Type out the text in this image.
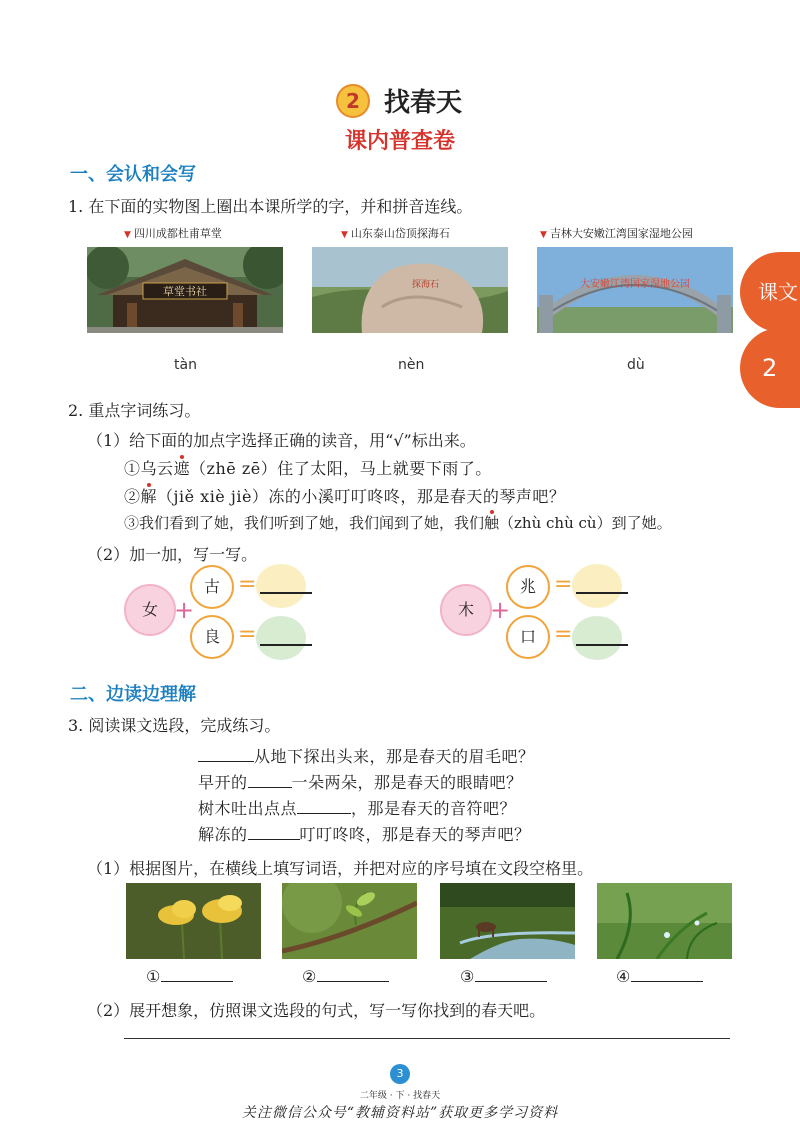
2 找春天
课内普查卷
课文
2
一、会认和会写
1. 在下面的实物图上圈出本课所学的字，并和拼音连线。
▼ 四川成都杜甫草堂	▼ 山东泰山岱顶探海石	▼ 吉林大安嫩江湾国家湿地公园
草堂书社	探海石	大安嫩江湾国家湿地公园
tàn	nèn	dù
2. 重点字词练习。
（1）给下面的加点字选择正确的读音，用“√”标出来。
①乌云遮（zhē zē）住了太阳，马上就要下雨了。
②解（jiě xiè jiè）冻的小溪叮叮咚咚，那是春天的琴声吧？
③我们看到了她，我们听到了她，我们闻到了她，我们触（zhù chù cù）到了她。
（2）加一加，写一写。
女 +
古
良
=
=
木 +
兆
口
=
=
二、边读边理解
3. 阅读课文选段，完成练习。
从地下探出头来，那是春天的眉毛吧？
早开的	一朵两朵，那是春天的眼睛吧？
树木吐出点点	，那是春天的音符吧？
解冻的	叮叮咚咚，那是春天的琴声吧？
（1）根据图片，在横线上填写词语，并把对应的序号填在文段空格里。
①	②	③	④
（2）展开想象，仿照课文选段的句式，写一写你找到的春天吧。
3
二年级 · 下 · 找春天
关注微信公众号“教辅资料站”获取更多学习资料
